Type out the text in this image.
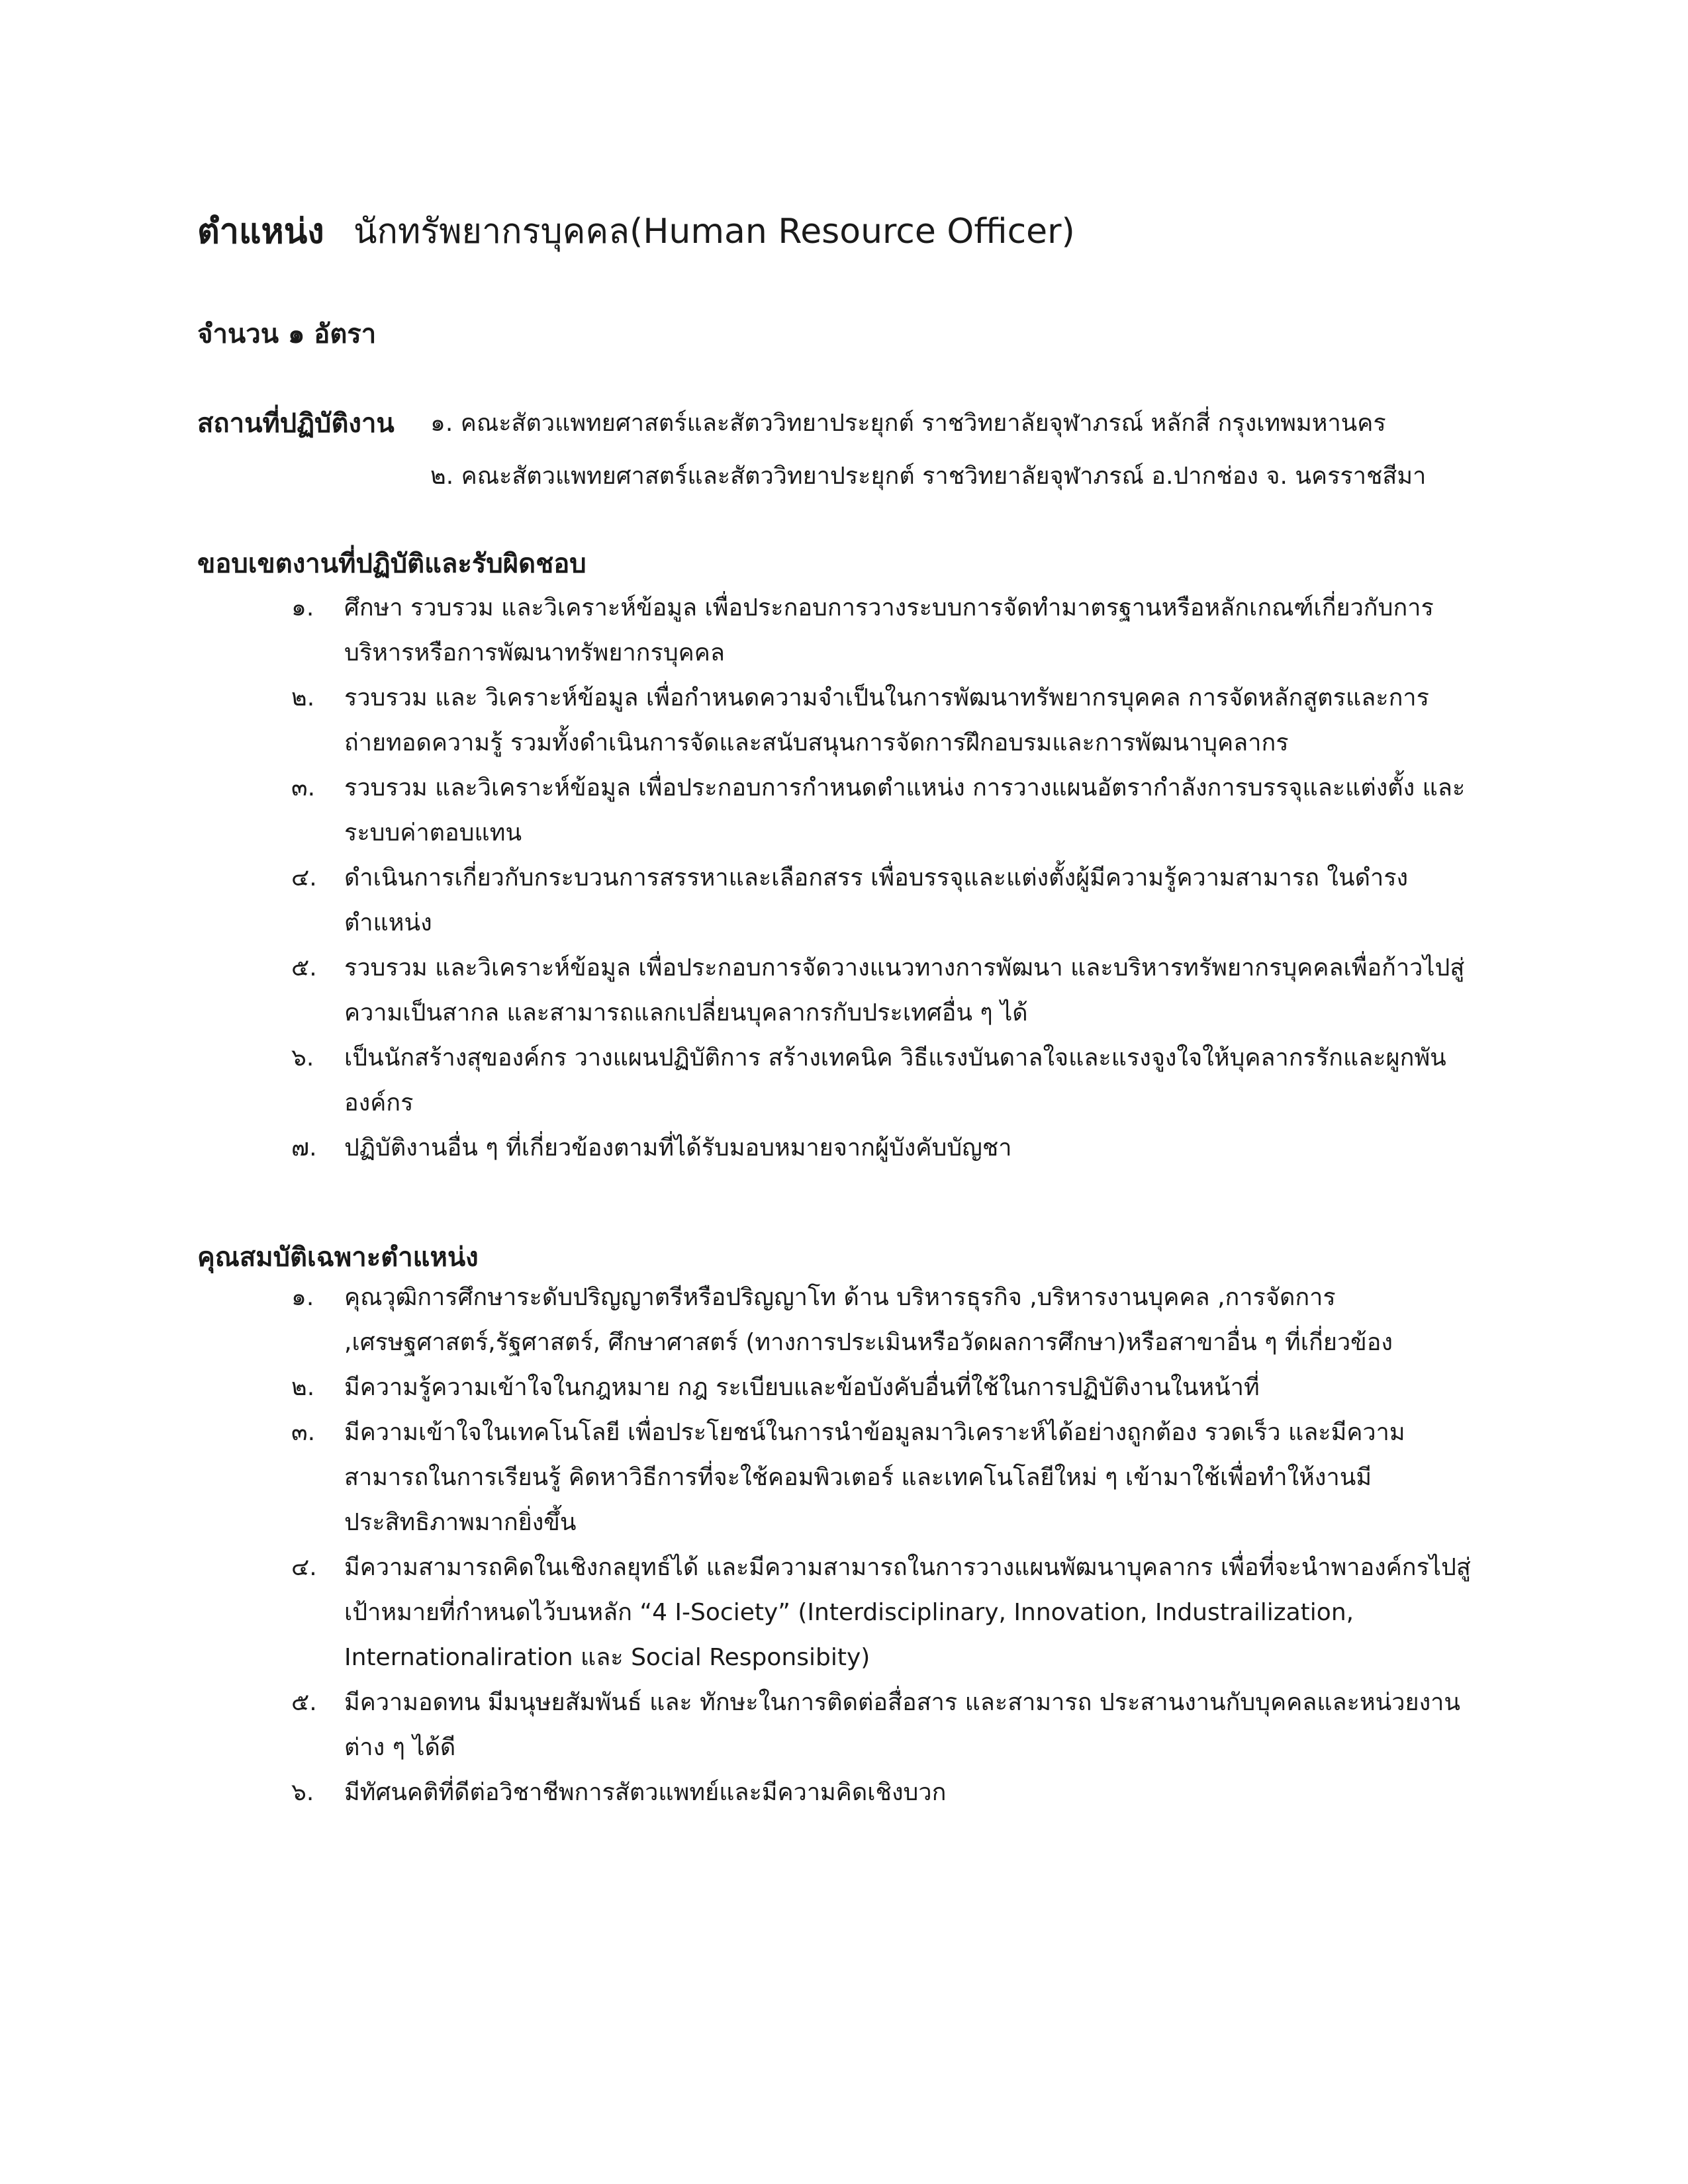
ตำแหน่ง นักทรัพยากรบุคคล(Human Resource Officer)
จำนวน ๑ อัตรา
สถานที่ปฏิบัติงาน ๑. คณะสัตวแพทยศาสตร์และสัตววิทยาประยุกต์ ราชวิทยาลัยจุฬาภรณ์ หลักสี่ กรุงเทพมหานคร
๒. คณะสัตวแพทยศาสตร์และสัตววิทยาประยุกต์ ราชวิทยาลัยจุฬาภรณ์ อ.ปากช่อง จ. นครราชสีมา
ขอบเขตงานที่ปฏิบัติและรับผิดชอบ
๑. ศึกษา รวบรวม และวิเคราะห์ข้อมูล เพื่อประกอบการวางระบบการจัดทำมาตรฐานหรือหลักเกณฑ์เกี่ยวกับการบริหารหรือการพัฒนาทรัพยากรบุคคล
๒. รวบรวม และ วิเคราะห์ข้อมูล เพื่อกำหนดความจำเป็นในการพัฒนาทรัพยากรบุคคล การจัดหลักสูตรและการถ่ายทอดความรู้ รวมทั้งดำเนินการจัดและสนับสนุนการจัดการฝึกอบรมและการพัฒนาบุคลากร
๓. รวบรวม และวิเคราะห์ข้อมูล เพื่อประกอบการกำหนดตำแหน่ง การวางแผนอัตรากำลังการบรรจุและแต่งตั้ง และระบบค่าตอบแทน
๔. ดำเนินการเกี่ยวกับกระบวนการสรรหาและเลือกสรร เพื่อบรรจุและแต่งตั้งผู้มีความรู้ความสามารถ ในดำรงตำแหน่ง
๕. รวบรวม และวิเคราะห์ข้อมูล เพื่อประกอบการจัดวางแนวทางการพัฒนา และบริหารทรัพยากรบุคคลเพื่อก้าวไปสู่ความเป็นสากล และสามารถแลกเปลี่ยนบุคลากรกับประเทศอื่น ๆ ได้
๖. เป็นนักสร้างสุของค์กร วางแผนปฏิบัติการ สร้างเทคนิค วิธีแรงบันดาลใจและแรงจูงใจให้บุคลากรรักและผูกพันองค์กร
๗. ปฏิบัติงานอื่น ๆ ที่เกี่ยวข้องตามที่ได้รับมอบหมายจากผู้บังคับบัญชา
คุณสมบัติเฉพาะตำแหน่ง
๑. คุณวุฒิการศึกษาระดับปริญญาตรีหรือปริญญาโท ด้าน บริหารธุรกิจ ,บริหารงานบุคคล ,การจัดการ ,เศรษฐศาสตร์,รัฐศาสตร์, ศึกษาศาสตร์ (ทางการประเมินหรือวัดผลการศึกษา)หรือสาขาอื่น ๆ ที่เกี่ยวข้อง
๒. มีความรู้ความเข้าใจในกฎหมาย กฎ ระเบียบและข้อบังคับอื่นที่ใช้ในการปฏิบัติงานในหน้าที่
๓. มีความเข้าใจในเทคโนโลยี เพื่อประโยชน์ในการนำข้อมูลมาวิเคราะห์ได้อย่างถูกต้อง รวดเร็ว และมีความสามารถในการเรียนรู้ คิดหาวิธีการที่จะใช้คอมพิวเตอร์ และเทคโนโลยีใหม่ ๆ เข้ามาใช้เพื่อทำให้งานมีประสิทธิภาพมากยิ่งขึ้น
๔. มีความสามารถคิดในเชิงกลยุทธ์ได้ และมีความสามารถในการวางแผนพัฒนาบุคลากร เพื่อที่จะนำพาองค์กรไปสู่เป้าหมายที่กำหนดไว้บนหลัก “4 I-Society” (Interdisciplinary, Innovation, Industrailization, Internationaliration และ Social Responsibity)
๕. มีความอดทน มีมนุษยสัมพันธ์ และ ทักษะในการติดต่อสื่อสาร และสามารถ ประสานงานกับบุคคลและหน่วยงานต่าง ๆ ได้ดี
๖. มีทัศนคติที่ดีต่อวิชาชีพการสัตวแพทย์และมีความคิดเชิงบวก
